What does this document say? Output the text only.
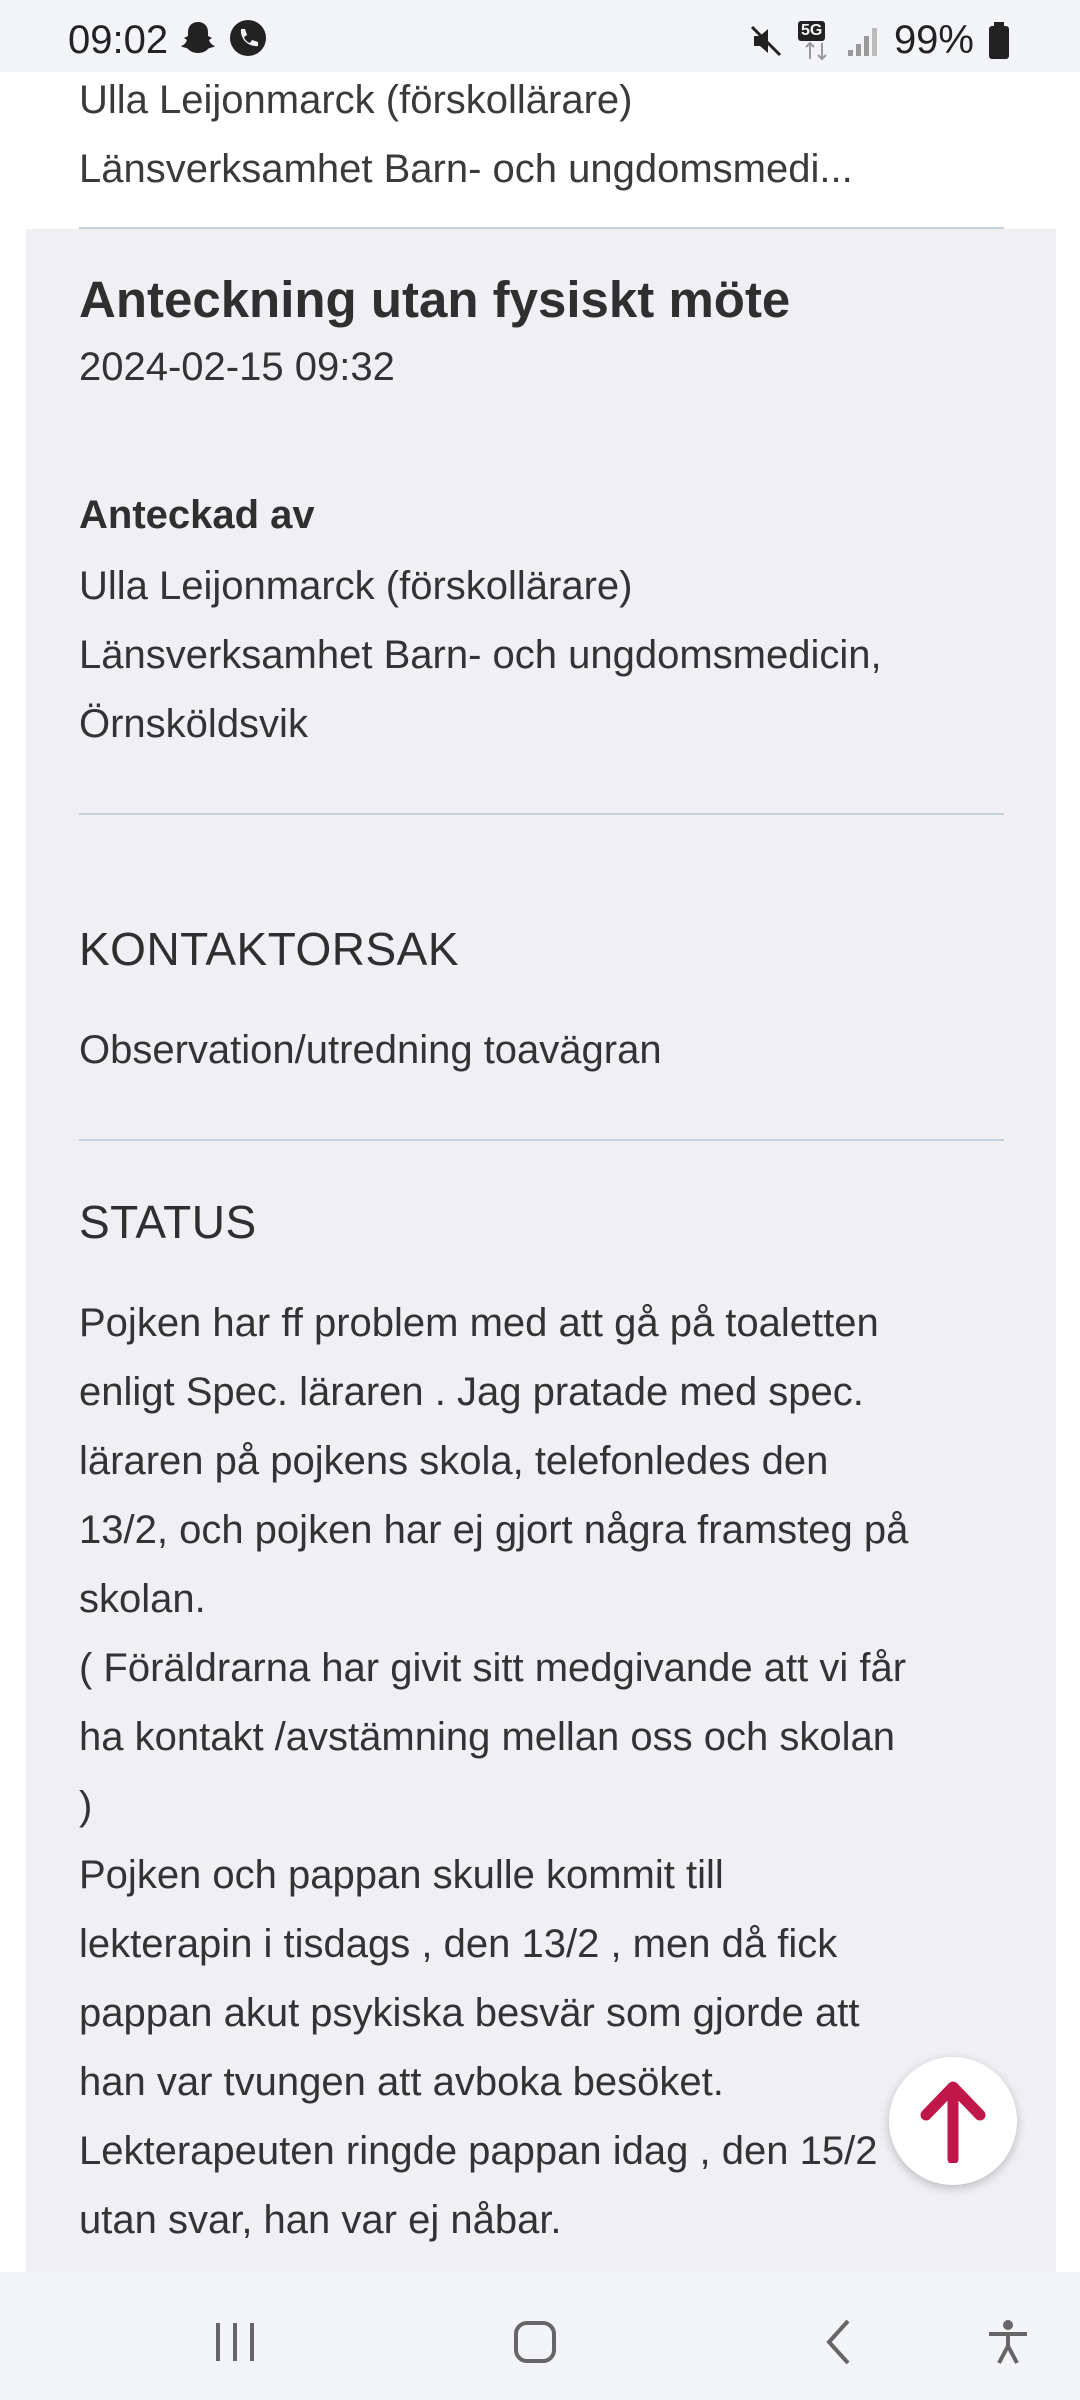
09:02	5G 99%
Ulla Leijonmarck (förskollärare)
Länsverksamhet Barn- och ungdomsmedi...
Anteckning utan fysiskt möte
2024-02-15 09:32
Anteckad av
Ulla Leijonmarck (förskollärare)
Länsverksamhet Barn- och ungdomsmedicin,
Örnsköldsvik
KONTAKTORSAK
Observation/utredning toavägran
STATUS
Pojken har ff problem med att gå på toaletten
enligt Spec. läraren . Jag pratade med spec.
läraren på pojkens skola, telefonledes den
13/2, och pojken har ej gjort några framsteg på
skolan.
( Föräldrarna har givit sitt medgivande att vi får
ha kontakt /avstämning mellan oss och skolan
)
Pojken och pappan skulle kommit till
lekterapin i tisdags , den 13/2 , men då fick
pappan akut psykiska besvär som gjorde att
han var tvungen att avboka besöket.
Lekterapeuten ringde pappan idag , den 15/2
utan svar, han var ej nåbar.
